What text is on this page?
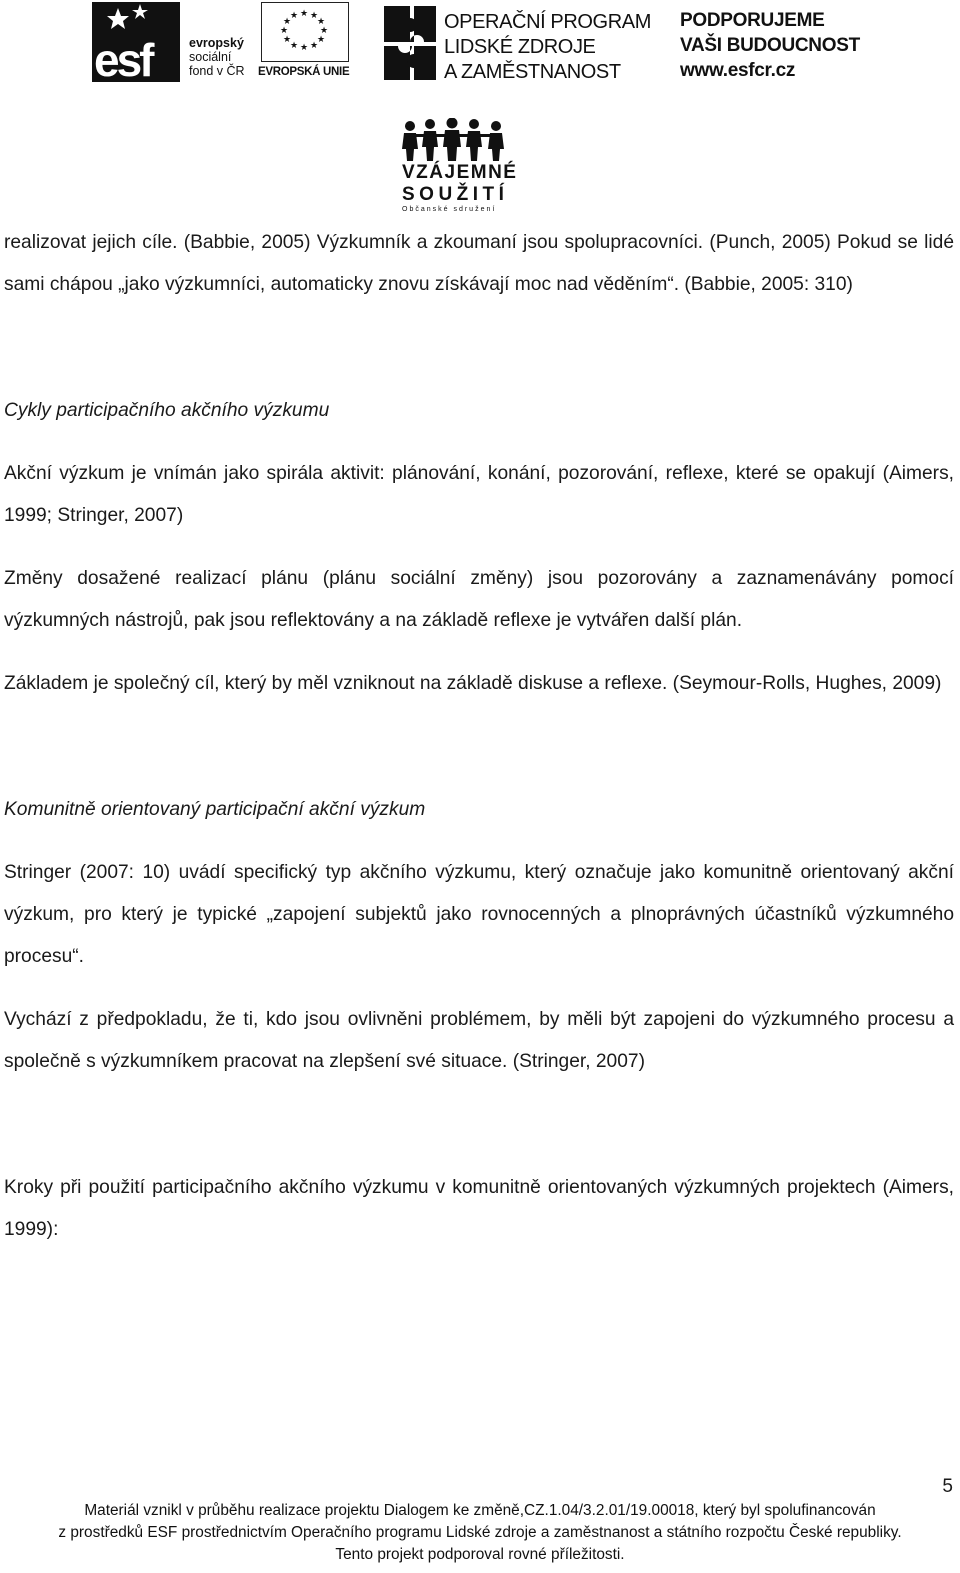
esf	evropský
sociální
fond v ČR
★ ★
★
★
★
★
★
★
★
★
★
★
EVROPSKÁ UNIE
OPERAČNÍ PROGRAM
LIDSKÉ ZDROJE
A ZAMĚSTNANOST
PODPORUJEME
VAŠI BUDOUCNOST
www.esfcr.cz
VZÁJEMNÉ
SOUŽITÍ
Občanské sdružení

realizovat jejich cíle. (Babbie, 2005) Výzkumník a zkoumaní jsou spolupracovníci. (Punch, 2005) Pokud se lidé sami chápou „jako výzkumníci, automaticky znovu získávají moc nad věděním“. (Babbie, 2005: 310)

Cykly participačního akčního výzkumu

Akční výzkum je vnímán jako spirála aktivit: plánování, konání, pozorování, reflexe, které se opakují (Aimers, 1999; Stringer, 2007)

Změny dosažené realizací plánu (plánu sociální změny) jsou pozorovány a zaznamenávány pomocí výzkumných nástrojů, pak jsou reflektovány a na základě reflexe je vytvářen další plán.

Základem je společný cíl, který by měl vzniknout na základě diskuse a reflexe. (Seymour-Rolls, Hughes, 2009)

Komunitně orientovaný participační akční výzkum

Stringer (2007: 10) uvádí specifický typ akčního výzkumu, který označuje jako komunitně orientovaný akční výzkum, pro který je typické „zapojení subjektů jako rovnocenných a plnoprávných účastníků výzkumného procesu“.

Vychází z předpokladu, že ti, kdo jsou ovlivněni problémem, by měli být zapojeni do výzkumného procesu a společně s výzkumníkem pracovat na zlepšení své situace. (Stringer, 2007)

Kroky při použití participačního akčního výzkumu v komunitně orientovaných výzkumných projektech (Aimers, 1999):

5
Materiál vznikl v průběhu realizace projektu Dialogem ke změně,CZ.1.04/3.2.01/19.00018, který byl spolufinancován
z prostředků ESF prostřednictvím Operačního programu Lidské zdroje a zaměstnanost a státního rozpočtu České republiky.
Tento projekt podporoval rovné příležitosti.
